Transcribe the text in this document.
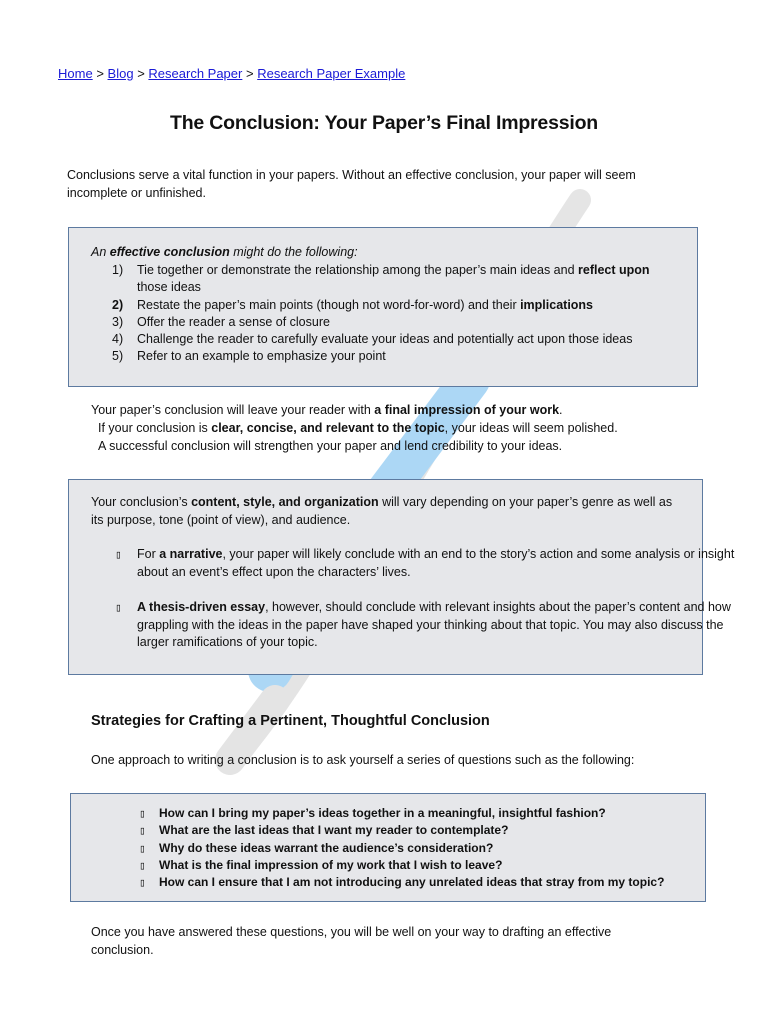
Home > Blog > Research Paper > Research Paper Example
The Conclusion: Your Paper’s Final Impression
Conclusions serve a vital function in your papers. Without an effective conclusion, your paper will seem incomplete or unfinished.
An effective conclusion might do the following:
1) Tie together or demonstrate the relationship among the paper’s main ideas and reflect upon those ideas
2) Restate the paper’s main points (though not word-for-word) and their implications
3) Offer the reader a sense of closure
4) Challenge the reader to carefully evaluate your ideas and potentially act upon those ideas
5) Refer to an example to emphasize your point
Your paper’s conclusion will leave your reader with a final impression of your work.
If your conclusion is clear, concise, and relevant to the topic, your ideas will seem polished.
A successful conclusion will strengthen your paper and lend credibility to your ideas.
Your conclusion’s content, style, and organization will vary depending on your paper’s genre as well as its purpose, tone (point of view), and audience.
▯ For a narrative, your paper will likely conclude with an end to the story’s action and some analysis or insight about an event’s effect upon the characters’ lives.
▯ A thesis-driven essay, however, should conclude with relevant insights about the paper’s content and how grappling with the ideas in the paper have shaped your thinking about that topic. You may also discuss the larger ramifications of your topic.
Strategies for Crafting a Pertinent, Thoughtful Conclusion
One approach to writing a conclusion is to ask yourself a series of questions such as the following:
▯ How can I bring my paper’s ideas together in a meaningful, insightful fashion?
▯ What are the last ideas that I want my reader to contemplate?
▯ Why do these ideas warrant the audience’s consideration?
▯ What is the final impression of my work that I wish to leave?
▯ How can I ensure that I am not introducing any unrelated ideas that stray from my topic?
Once you have answered these questions, you will be well on your way to drafting an effective conclusion.
